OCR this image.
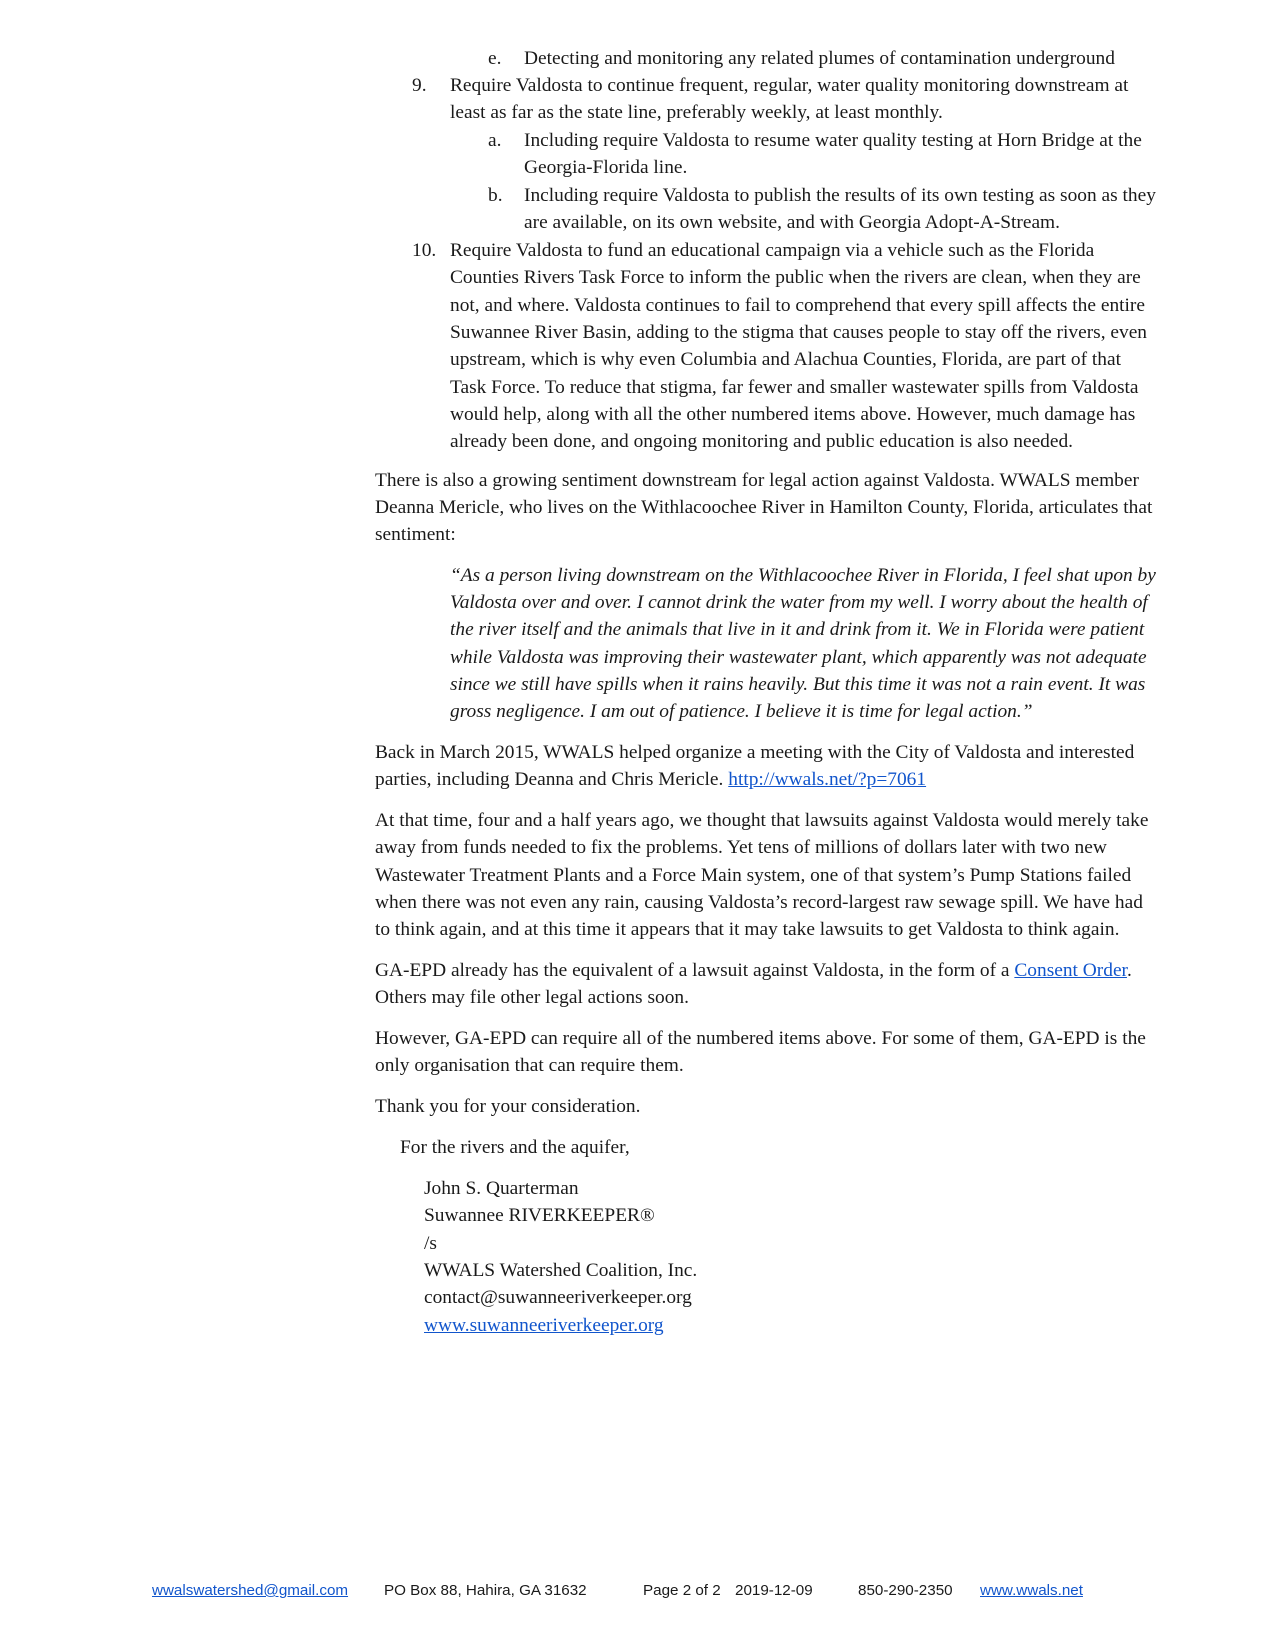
e. Detecting and monitoring any related plumes of contamination underground
9. Require Valdosta to continue frequent, regular, water quality monitoring downstream at
least as far as the state line, preferably weekly, at least monthly.
a. Including require Valdosta to resume water quality testing at Horn Bridge at the
Georgia-Florida line.
b. Including require Valdosta to publish the results of its own testing as soon as they
are available, on its own website, and with Georgia Adopt-A-Stream.
10. Require Valdosta to fund an educational campaign via a vehicle such as the Florida
Counties Rivers Task Force to inform the public when the rivers are clean, when they are
not, and where. Valdosta continues to fail to comprehend that every spill affects the entire
Suwannee River Basin, adding to the stigma that causes people to stay off the rivers, even
upstream, which is why even Columbia and Alachua Counties, Florida, are part of that
Task Force. To reduce that stigma, far fewer and smaller wastewater spills from Valdosta
would help, along with all the other numbered items above. However, much damage has
already been done, and ongoing monitoring and public education is also needed.
There is also a growing sentiment downstream for legal action against Valdosta. WWALS member
Deanna Mericle, who lives on the Withlacoochee River in Hamilton County, Florida, articulates that
sentiment:
“As a person living downstream on the Withlacoochee River in Florida, I feel shat upon by
Valdosta over and over. I cannot drink the water from my well. I worry about the health of
the river itself and the animals that live in it and drink from it. We in Florida were patient
while Valdosta was improving their wastewater plant, which apparently was not adequate
since we still have spills when it rains heavily. But this time it was not a rain event. It was
gross negligence. I am out of patience. I believe it is time for legal action.”
Back in March 2015, WWALS helped organize a meeting with the City of Valdosta and interested
parties, including Deanna and Chris Mericle. http://wwals.net/?p=7061
At that time, four and a half years ago, we thought that lawsuits against Valdosta would merely take
away from funds needed to fix the problems. Yet tens of millions of dollars later with two new
Wastewater Treatment Plants and a Force Main system, one of that system’s Pump Stations failed
when there was not even any rain, causing Valdosta’s record-largest raw sewage spill. We have had
to think again, and at this time it appears that it may take lawsuits to get Valdosta to think again.
GA-EPD already has the equivalent of a lawsuit against Valdosta, in the form of a Consent Order.
Others may file other legal actions soon.
However, GA-EPD can require all of the numbered items above. For some of them, GA-EPD is the
only organisation that can require them.
Thank you for your consideration.
For the rivers and the aquifer,
John S. Quarterman
Suwannee RIVERKEEPER®
/s
WWALS Watershed Coalition, Inc.
contact@suwanneeriverkeeper.org
www.suwanneeriverkeeper.org
wwalswatershed@gmail.com PO Box 88, Hahira, GA 31632	Page 2 of 2 2019-12-09	850-290-2350 www.wwals.net
